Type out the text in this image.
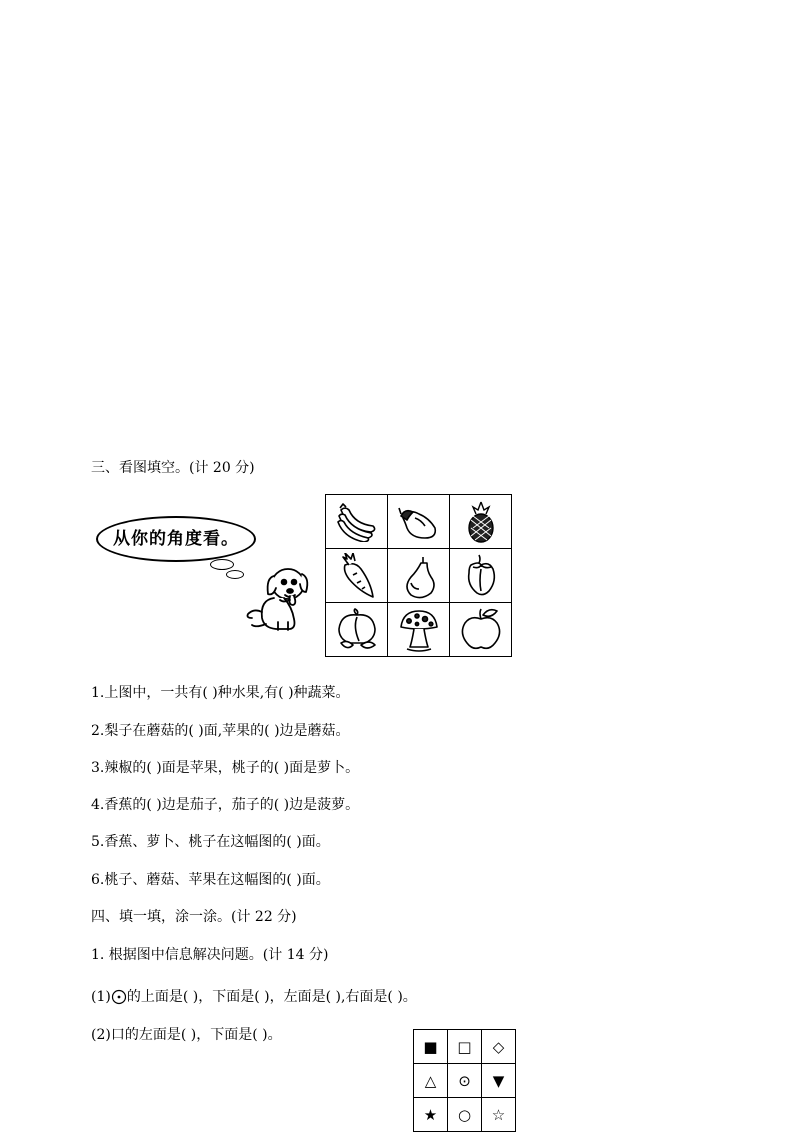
三、看图填空。(计 20 分)
从你的角度看。

1.上图中，一共有( )种水果,有( )种蔬菜。
2.梨子在蘑菇的( )面,苹果的( )边是蘑菇。
3.辣椒的( )面是苹果，桃子的( )面是萝卜。
4.香蕉的( )边是茄子，茄子的( )边是菠萝。
5.香蕉、萝卜、桃子在这幅图的( )面。
6.桃子、蘑菇、苹果在这幅图的( )面。
四、填一填，涂一涂。(计 22 分)
1. 根据图中信息解决问题。(计 14 分)
(1) 的上面是( )，下面是( )，左面是( ),右面是( )。
(2)口的左面是( )，下面是( )。
■	□	◇
△	⊙	▼
★	○	☆
